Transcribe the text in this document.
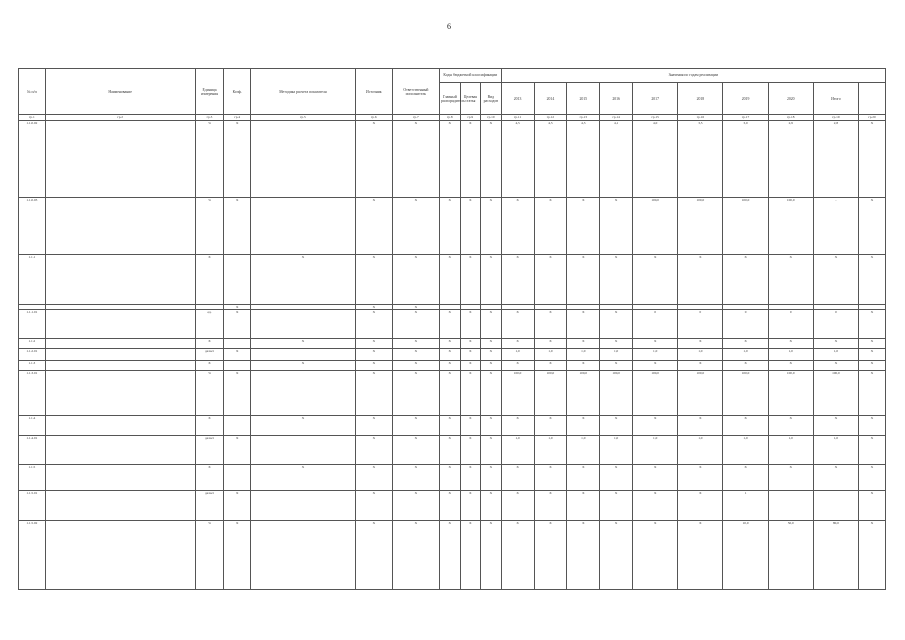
6
№ п/п	Наименование	Единица измерения	Коэф.	Методика расчета показателя	Источник	Ответственный исполнитель	Коды бюджетной классификации			Значения по годам реализации									
							Главный распорядитель	Целевая статья	Вид расходов	2013	2014	2015	2016	2017	2018	2019	2020	Итого	
гр.1	гр.2	гр.3	гр.4	гр.5	гр.6	гр.7	гр.8	гр.9	гр.10	гр.11	гр.12	гр.13	гр.14	гр.15	гр.16	гр.17	гр.18	гр.19	гр.20
1.1.0.02		%	Х		Х	Х	Х	Х	Х	4,5	4,5	4,3	4,1	4,0	3,5	3,0	2,9	2,8	Х
1.1.0.03		%	Х		Х	Х	Х	Х	Х	Х	Х	Х	Х	100,0	100,0	100,0	100,0	-	Х
1.1.1		Х		Х	Х	Х	Х	Х	Х	Х	Х	Х	Х	Х	Х	Х	Х	Х	Х
			Х		Х	Х													
1.1.1.01		ед.	Х		Х	Х	Х	Х	Х	Х	Х	Х	Х	0	0	0	0	0	Х
1.1.2		Х		Х	Х	Х	Х	Х	Х	Х	Х	Х	Х	Х	Х	Х	Х	Х	Х
1.1.2.01		да/нет	Х		Х	Х	Х	Х	Х	1,0	1,0	1,0	1,0	1,0	1,0	1,0	1,0	1,0	Х
1.1.3		Х		Х	Х	Х	Х	Х	Х	Х	Х	Х	Х	Х	Х	Х	Х	Х	Х
1.1.3.01		%	Х		Х	Х	Х	Х	Х	100,0	100,0	100,0	100,0	100,0	100,0	100,0	100,0	100,0	Х
1.1.4		Х		Х	Х	Х	Х	Х	Х	Х	Х	Х	Х	Х	Х	Х	Х	Х	Х
1.1.4.01		да/нет	Х		Х	Х	Х	Х	Х	1,0	1,0	1,0	1,0	1,0	1,0	1,0	1,0	1,0	Х
1.1.5		Х		Х	Х	Х	Х	Х	Х	Х	Х	Х	Х	Х	Х	Х	Х	Х	Х
1.1.5.01		да/нет	Х		Х	Х	Х	Х	Х	Х	Х	Х	Х	Х	Х	1			Х
1.1.5.02		%	Х		Х	Х	Х	Х	Х	Х	Х	Х	Х	Х	Х	10,0	50,0	80,0	Х
